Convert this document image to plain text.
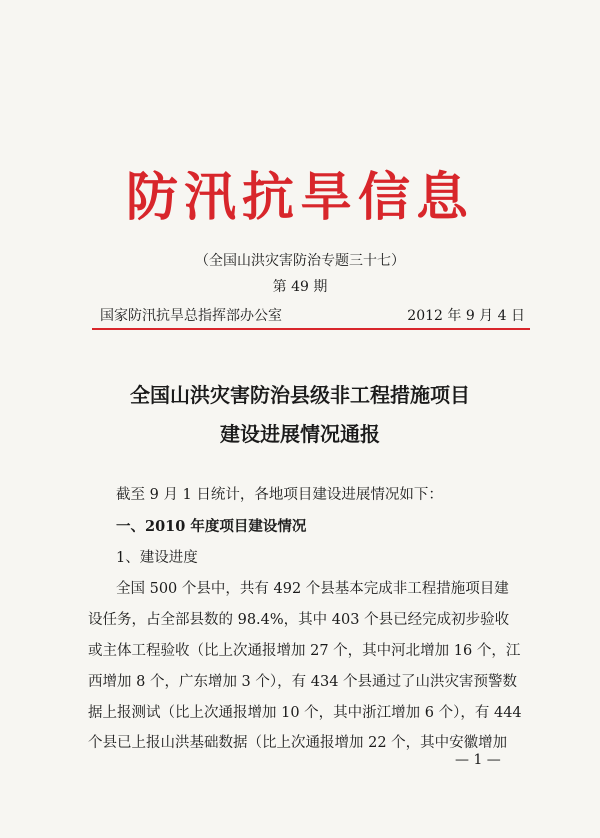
防汛抗旱信息
（全国山洪灾害防治专题三十七）
第 49 期
国家防汛抗旱总指挥部办公室	2012 年 9 月 4 日
全国山洪灾害防治县级非工程措施项目
建设进展情况通报
截至 9 月 1 日统计，各地项目建设进展情况如下：
一、2010 年度项目建设情况
1、建设进度
全国 500 个县中，共有 492 个县基本完成非工程措施项目建
设任务，占全部县数的 98.4%，其中 403 个县已经完成初步验收
或主体工程验收（比上次通报增加 27 个，其中河北增加 16 个，江
西增加 8 个，广东增加 3 个），有 434 个县通过了山洪灾害预警数
据上报测试（比上次通报增加 10 个，其中浙江增加 6 个），有 444
个县已上报山洪基础数据（比上次通报增加 22 个，其中安徽增加
— 1 —
